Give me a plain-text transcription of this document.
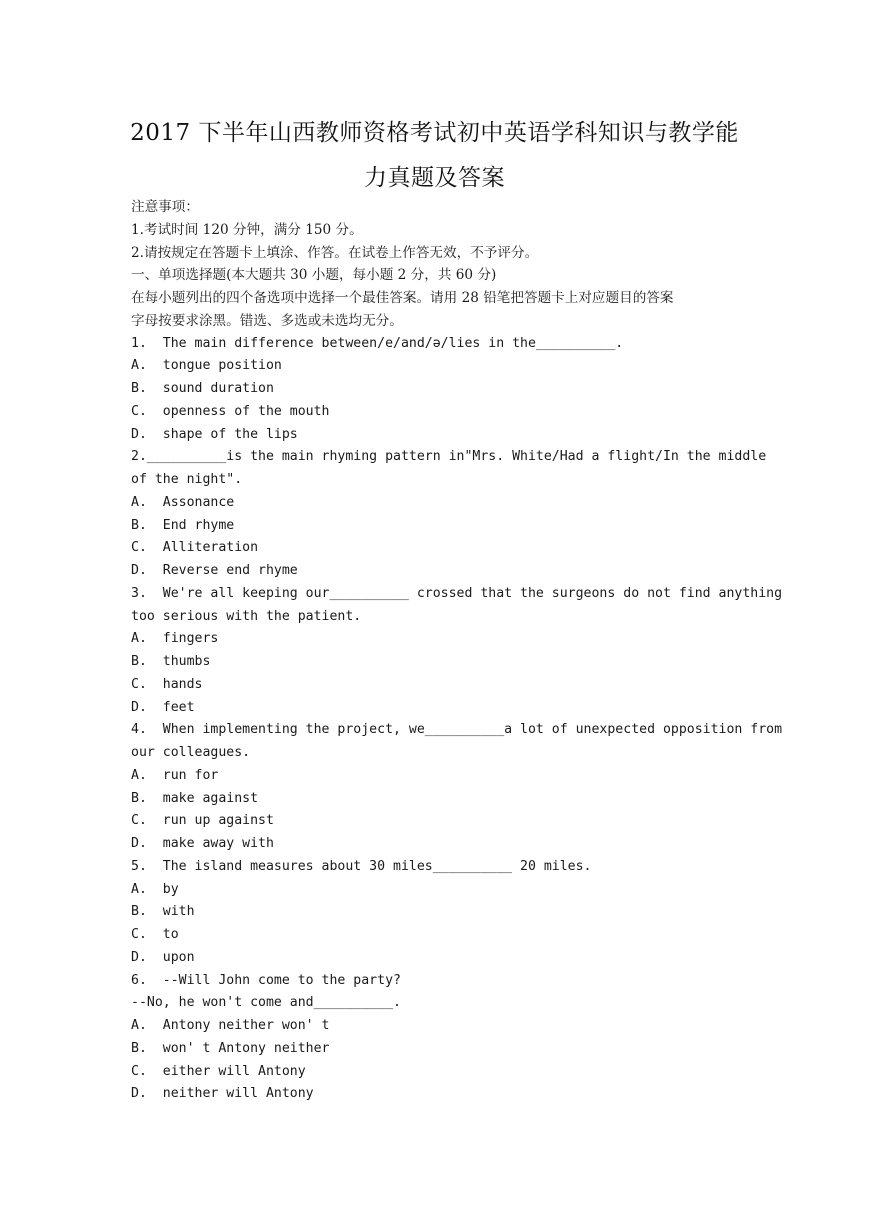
2017 下半年山西教师资格考试初中英语学科知识与教学能
力真题及答案
注意事项：
1.考试时间 120 分钟，满分 150 分。
2.请按规定在答题卡上填涂、作答。在试卷上作答无效，不予评分。
一、单项选择题(本大题共 30 小题，每小题 2 分，共 60 分)
在每小题列出的四个备选项中选择一个最佳答案。请用 28 铅笔把答题卡上对应题目的答案
字母按要求涂黑。错选、多选或未选均无分。
1.  The main difference between/e/and/ə/lies in the__________.
A.  tongue position
B.  sound duration
C.  openness of the mouth
D.  shape of the lips
2.__________is the main rhyming pattern in"Mrs. White/Had a flight/In the middle
of the night".
A.  Assonance
B.  End rhyme
C.  Alliteration
D.  Reverse end rhyme
3.  We're all keeping our__________ crossed that the surgeons do not find anything
too serious with the patient.
A.  fingers
B.  thumbs
C.  hands
D.  feet
4.  When implementing the project, we__________a lot of unexpected opposition from
our colleagues.
A.  run for
B.  make against
C.  run up against
D.  make away with
5.  The island measures about 30 miles__________ 20 miles.
A.  by
B.  with
C.  to
D.  upon
6.  --Will John come to the party?
--No, he won't come and__________.
A.  Antony neither won' t
B.  won' t Antony neither
C.  either will Antony
D.  neither will Antony
